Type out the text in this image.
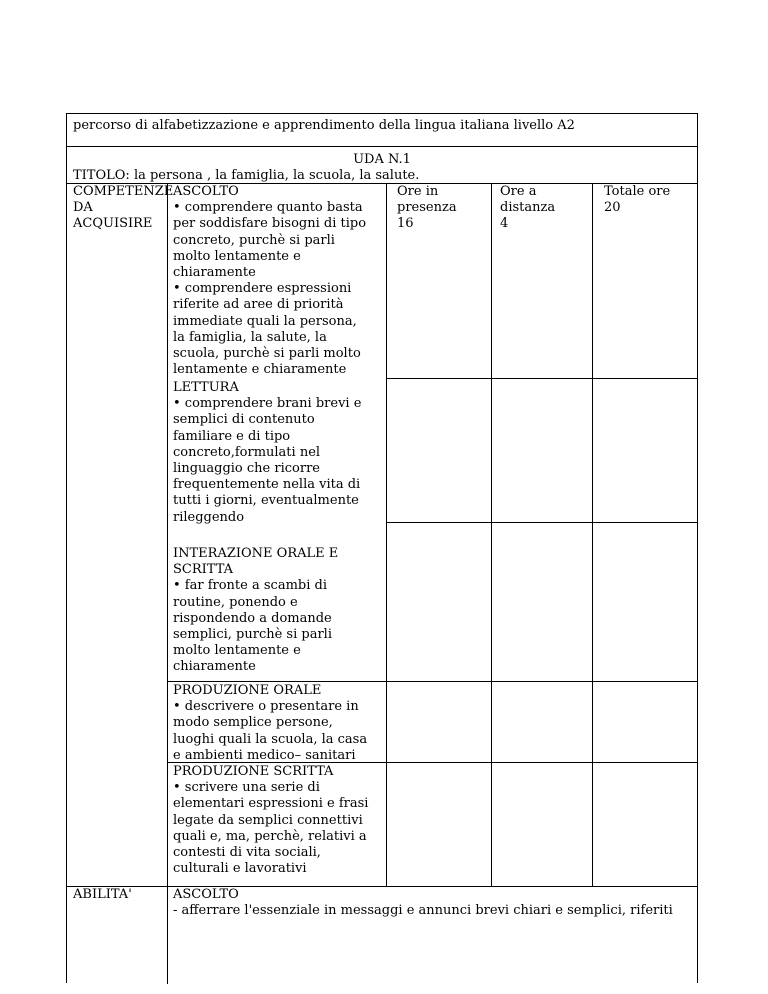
percorso di alfabetizzazione e apprendimento della lingua italiana livello A2
UDA N.1
TITOLO: la persona , la famiglia, la scuola, la salute.
COMPETENZE
DA ACQUISIRE
Ore in
presenza
16
Ore a
distanza
4
Totale ore
20
ASCOLTO
• comprendere quanto basta
per soddisfare bisogni di tipo
concreto, purchè si parli
molto lentamente e
chiaramente
• comprendere espressioni
riferite ad aree di priorità
immediate quali la persona,
la famiglia, la salute, la
scuola, purchè si parli molto
lentamente e chiaramente
LETTURA
• comprendere brani brevi e
semplici di contenuto
familiare e di tipo
concreto,formulati nel
linguaggio che ricorre
frequentemente nella vita di
tutti i giorni, eventualmente
rileggendo
INTERAZIONE ORALE E
SCRITTA
• far fronte a scambi di
routine, ponendo e
rispondendo a domande
semplici, purchè si parli
molto lentamente e
chiaramente
PRODUZIONE ORALE
• descrivere o presentare in
modo semplice persone,
luoghi quali la scuola, la casa
e ambienti medico– sanitari
PRODUZIONE SCRITTA
• scrivere una serie di
elementari espressioni e frasi
legate da semplici connettivi
quali e, ma, perchè, relativi a
contesti di vita sociali,
culturali e lavorativi
ABILITA'	ASCOLTO
- afferrare l'essenziale in messaggi e annunci brevi chiari e semplici, riferiti
